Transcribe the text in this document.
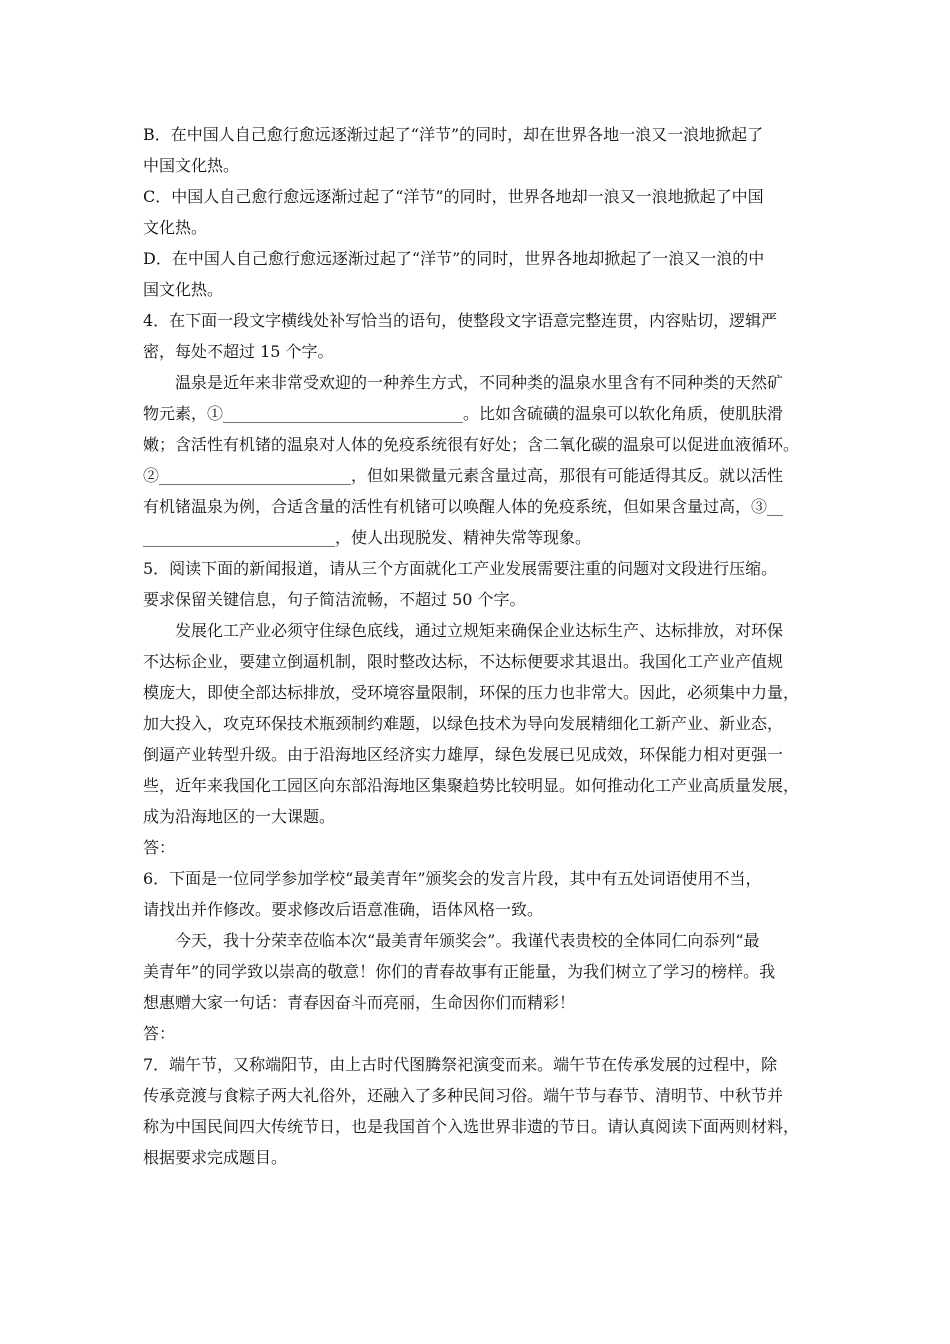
B．在中国人自己愈行愈远逐渐过起了“洋节”的同时，却在世界各地一浪又一浪地掀起了
中国文化热。
C．中国人自己愈行愈远逐渐过起了“洋节”的同时，世界各地却一浪又一浪地掀起了中国
文化热。
D．在中国人自己愈行愈远逐渐过起了“洋节”的同时，世界各地却掀起了一浪又一浪的中
国文化热。
4．在下面一段文字横线处补写恰当的语句，使整段文字语意完整连贯，内容贴切，逻辑严
密，每处不超过 15 个字。
温泉是近年来非常受欢迎的一种养生方式，不同种类的温泉水里含有不同种类的天然矿
物元素，①______________________________。比如含硫磺的温泉可以软化角质，使肌肤滑
嫩；含活性有机锗的温泉对人体的免疫系统很有好处；含二氧化碳的温泉可以促进血液循环。
②________________________，但如果微量元素含量过高，那很有可能适得其反。就以活性
有机锗温泉为例，合适含量的活性有机锗可以唤醒人体的免疫系统，但如果含量过高，③__
________________________，使人出现脱发、精神失常等现象。
5．阅读下面的新闻报道，请从三个方面就化工产业发展需要注重的问题对文段进行压缩。
要求保留关键信息，句子简洁流畅，不超过 50 个字。
发展化工产业必须守住绿色底线，通过立规矩来确保企业达标生产、达标排放，对环保
不达标企业，要建立倒逼机制，限时整改达标，不达标便要求其退出。我国化工产业产值规
模庞大，即使全部达标排放，受环境容量限制，环保的压力也非常大。因此，必须集中力量，
加大投入，攻克环保技术瓶颈制约难题，以绿色技术为导向发展精细化工新产业、新业态，
倒逼产业转型升级。由于沿海地区经济实力雄厚，绿色发展已见成效，环保能力相对更强一
些，近年来我国化工园区向东部沿海地区集聚趋势比较明显。如何推动化工产业高质量发展，
成为沿海地区的一大课题。
答：
6．下面是一位同学参加学校“最美青年”颁奖会的发言片段，其中有五处词语使用不当，
请找出并作修改。要求修改后语意准确，语体风格一致。
今天，我十分荣幸莅临本次“最美青年颁奖会”。我谨代表贵校的全体同仁向忝列“最
美青年”的同学致以崇高的敬意！你们的青春故事有正能量，为我们树立了学习的榜样。我
想惠赠大家一句话：青春因奋斗而亮丽，生命因你们而精彩！
答：
7．端午节，又称端阳节，由上古时代图腾祭祀演变而来。端午节在传承发展的过程中，除
传承竞渡与食粽子两大礼俗外，还融入了多种民间习俗。端午节与春节、清明节、中秋节并
称为中国民间四大传统节日，也是我国首个入选世界非遗的节日。请认真阅读下面两则材料，
根据要求完成题目。
